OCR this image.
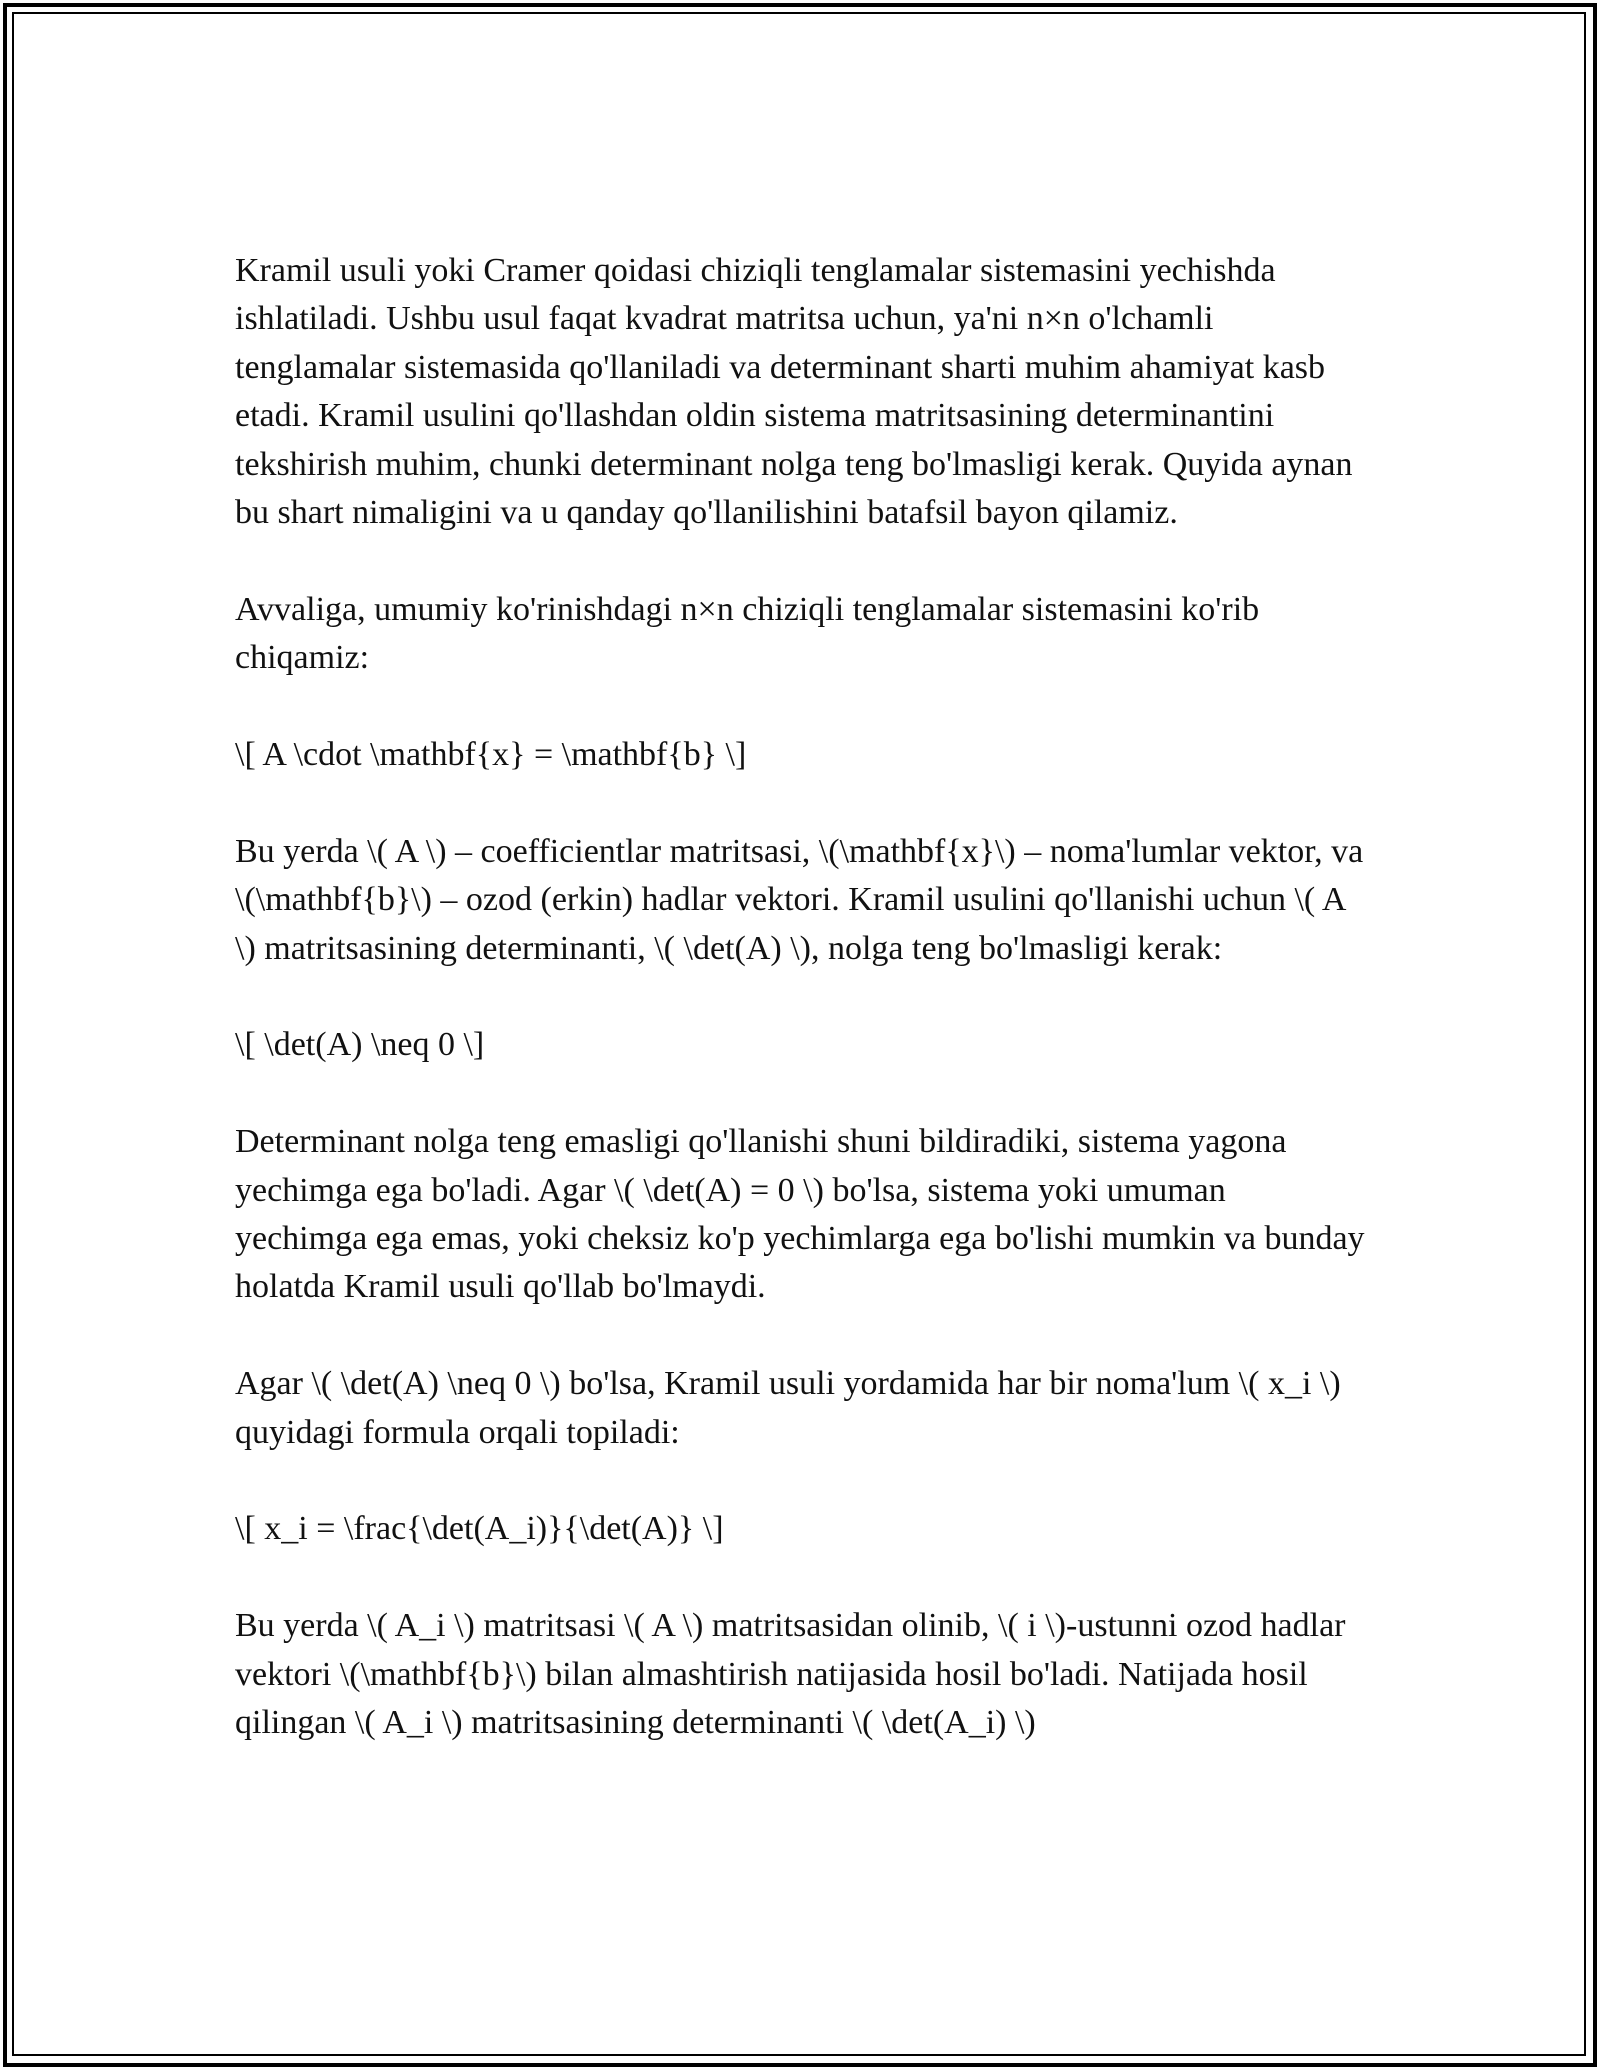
Kramil usuli yoki Cramer qoidasi chiziqli tenglamalar sistemasini yechishda ishlatiladi. Ushbu usul faqat kvadrat matritsa uchun, ya'ni n×n o'lchamli tenglamalar sistemasida qo'llaniladi va determinant sharti muhim ahamiyat kasb etadi. Kramil usulini qo'llashdan oldin sistema matritsasining determinantini tekshirish muhim, chunki determinant nolga teng bo'lmasligi kerak. Quyida aynan bu shart nimaligini va u qanday qo'llanilishini batafsil bayon qilamiz.

Avvaliga, umumiy ko'rinishdagi n×n chiziqli tenglamalar sistemasini ko'rib chiqamiz:

\[ A \cdot \mathbf{x} = \mathbf{b} \]

Bu yerda \( A \) – coefficientlar matritsasi, \(\mathbf{x}\) – noma'lumlar vektor, va \(\mathbf{b}\) – ozod (erkin) hadlar vektori. Kramil usulini qo'llanishi uchun \( A \) matritsasining determinanti, \( \det(A) \), nolga teng bo'lmasligi kerak:

\[ \det(A) \neq 0 \]

Determinant nolga teng emasligi qo'llanishi shuni bildiradiki, sistema yagona yechimga ega bo'ladi. Agar \( \det(A) = 0 \) bo'lsa, sistema yoki umuman yechimga ega emas, yoki cheksiz ko'p yechimlarga ega bo'lishi mumkin va bunday holatda Kramil usuli qo'llab bo'lmaydi.

Agar \( \det(A) \neq 0 \) bo'lsa, Kramil usuli yordamida har bir noma'lum \( x_i \) quyidagi formula orqali topiladi:

\[ x_i = \frac{\det(A_i)}{\det(A)} \]

Bu yerda \( A_i \) matritsasi \( A \) matritsasidan olinib, \( i \)-ustunni ozod hadlar vektori \(\mathbf{b}\) bilan almashtirish natijasida hosil bo'ladi. Natijada hosil qilingan \( A_i \) matritsasining determinanti \( \det(A_i) \)
